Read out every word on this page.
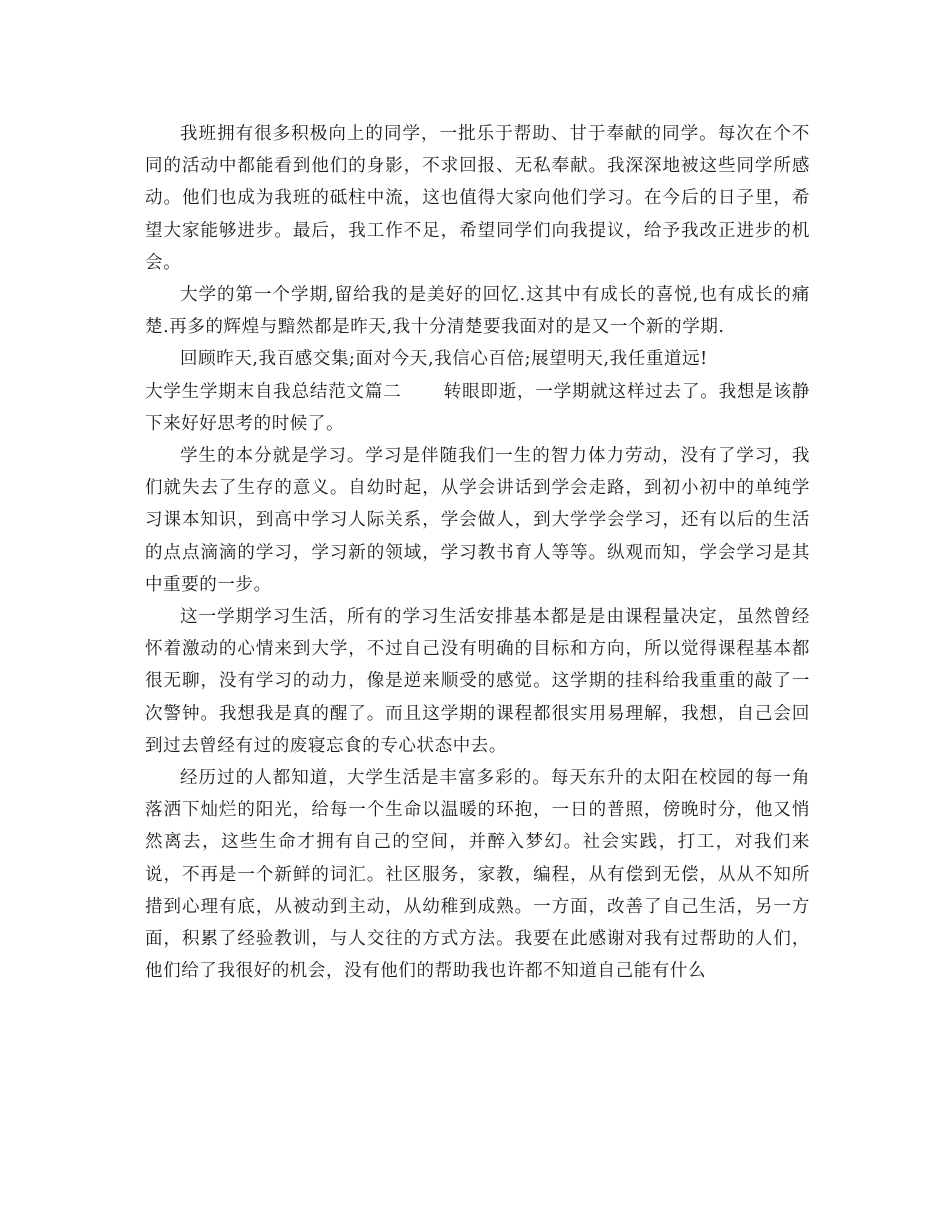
我班拥有很多积极向上的同学，一批乐于帮助、甘于奉献的同学。每次在个不同的活动中都能看到他们的身影，不求回报、无私奉献。我深深地被这些同学所感动。他们也成为我班的砥柱中流，这也值得大家向他们学习。在今后的日子里，希望大家能够进步。最后，我工作不足，希望同学们向我提议，给予我改正进步的机会。

大学的第一个学期,留给我的是美好的回忆.这其中有成长的喜悦,也有成长的痛楚.再多的辉煌与黯然都是昨天,我十分清楚要我面对的是又一个新的学期.

回顾昨天,我百感交集;面对今天,我信心百倍;展望明天,我任重道远!

大学生学期末自我总结范文篇二 转眼即逝，一学期就这样过去了。我想是该静下来好好思考的时候了。

学生的本分就是学习。学习是伴随我们一生的智力体力劳动，没有了学习，我们就失去了生存的意义。自幼时起，从学会讲话到学会走路，到初小初中的单纯学习课本知识，到高中学习人际关系，学会做人，到大学学会学习，还有以后的生活的点点滴滴的学习，学习新的领域，学习教书育人等等。纵观而知，学会学习是其中重要的一步。

这一学期学习生活，所有的学习生活安排基本都是是由课程量决定，虽然曾经怀着激动的心情来到大学，不过自己没有明确的目标和方向，所以觉得课程基本都很无聊，没有学习的动力，像是逆来顺受的感觉。这学期的挂科给我重重的敲了一次警钟。我想我是真的醒了。而且这学期的课程都很实用易理解，我想，自己会回到过去曾经有过的废寝忘食的专心状态中去。

经历过的人都知道，大学生活是丰富多彩的。每天东升的太阳在校园的每一角落洒下灿烂的阳光，给每一个生命以温暖的环抱，一日的普照，傍晚时分，他又悄然离去，这些生命才拥有自己的空间，并醉入梦幻。社会实践，打工，对我们来说，不再是一个新鲜的词汇。社区服务，家教，编程，从有偿到无偿，从从不知所措到心理有底，从被动到主动，从幼稚到成熟。一方面，改善了自己生活，另一方面，积累了经验教训，与人交往的方式方法。我要在此感谢对我有过帮助的人们，他们给了我很好的机会，没有他们的帮助我也许都不知道自己能有什么
